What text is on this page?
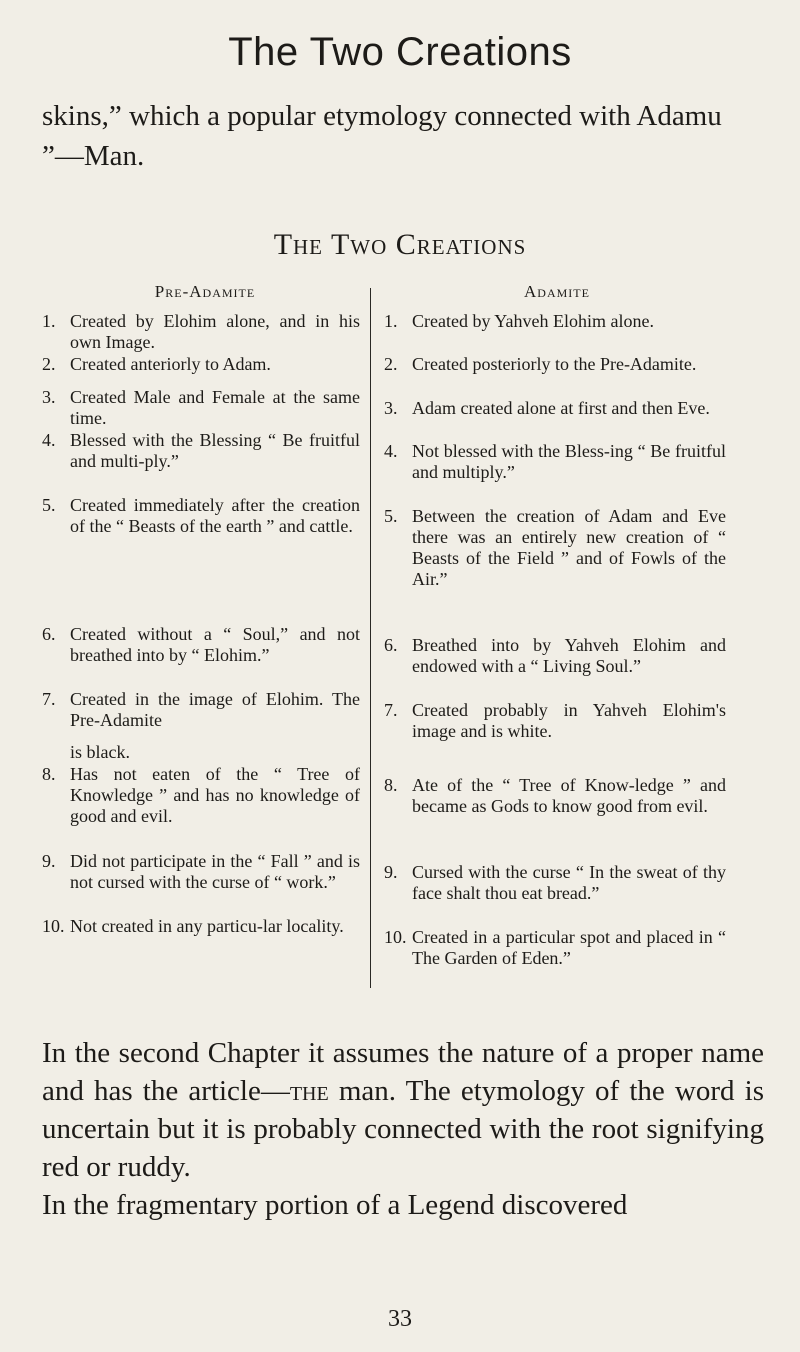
The Two Creations
skins,” which a popular etymology connected with Adamu ”—Man.
The Two Creations
Pre-Adamite	Adamite
1. Created by Elohim alone, and in his own Image.
2. Created anteriorly to Adam.
3. Created Male and Female at the same time.
4. Blessed with the Blessing “ Be fruitful and multi-ply.”
5. Created immediately after the creation of the “ Beasts of the earth ” and cattle.
6. Created without a “ Soul,” and not breathed into by “ Elohim.”
7. Created in the image of Elohim. The Pre-Adamite
is black.
8. Has not eaten of the “ Tree of Knowledge ” and has no knowledge of good and evil.
9. Did not participate in the “ Fall ” and is not cursed with the curse of “ work.”
10. Not created in any particu-lar locality.
1. Created by Yahveh Elohim alone.
2. Created posteriorly to the Pre-Adamite.
3. Adam created alone at first and then Eve.
4. Not blessed with the Bless-ing “ Be fruitful and multiply.”
5. Between the creation of Adam and Eve there was an entirely new creation of “ Beasts of the Field ” and of Fowls of the Air.”
6. Breathed into by Yahveh Elohim and endowed with a “ Living Soul.”
7. Created probably in Yahveh Elohim's image and is white.
8. Ate of the “ Tree of Know-ledge ” and became as Gods to know good from evil.
9. Cursed with the curse “ In the sweat of thy face shalt thou eat bread.”
10. Created in a particular spot and placed in “ The Garden of Eden.”

In the second Chapter it assumes the nature of a proper name and has the article—the man. The etymology of the word is uncertain but it is probably connected with the root signifying red or ruddy.

In the fragmentary portion of a Legend discovered

33
